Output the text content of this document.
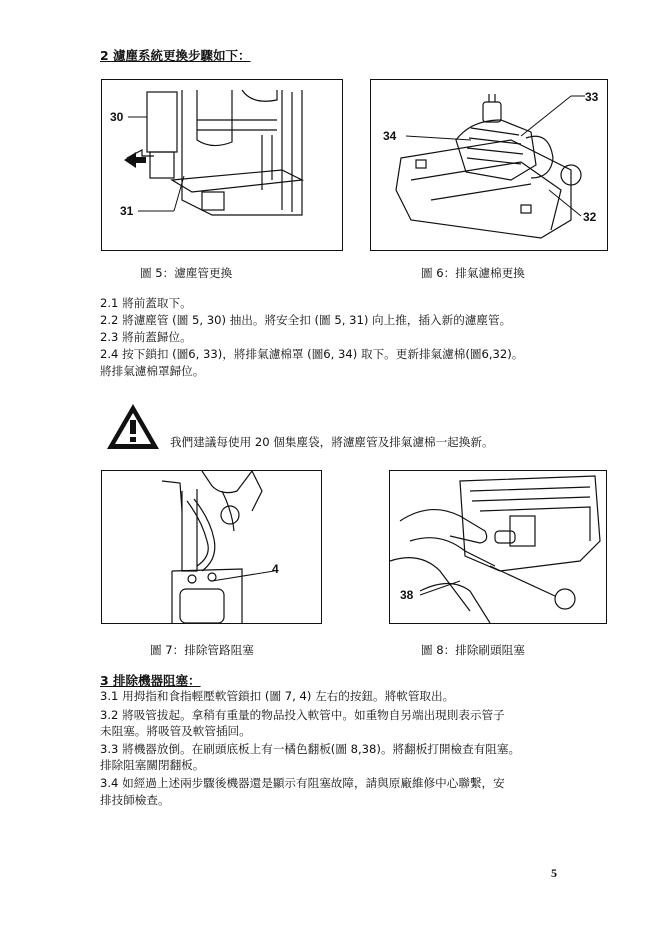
2 濾塵系統更換步驟如下：
30
31
33
34
32
圖 5：濾塵管更換	圖 6：排氣濾棉更換
2.1 將前蓋取下。
2.2 將濾塵管 (圖 5, 30) 抽出。將安全扣 (圖 5, 31) 向上推，插入新的濾塵管。
2.3 將前蓋歸位。
2.4 按下鎖扣 (圖6, 33)，將排氣濾棉罩 (圖6, 34) 取下。更新排氣濾棉(圖6,32)。
將排氣濾棉罩歸位。
我們建議每使用 20 個集塵袋，將濾塵管及排氣濾棉一起換新。
4
38
圖 7：排除管路阻塞	圖 8：排除刷頭阻塞
3 排除機器阻塞：
3.1 用拇指和食指輕壓軟管鎖扣 (圖 7, 4) 左右的按鈕。將軟管取出。
3.2 將吸管拔起。拿稍有重量的物品投入軟管中。如重物自另端出現則表示管子
未阻塞。將吸管及軟管插回。
3.3 將機器放倒。在刷頭底板上有一橘色翻板(圖 8,38)。將翻板打開檢查有阻塞。
排除阻塞關閉翻板。
3.4 如經過上述兩步驟後機器還是顯示有阻塞故障，請與原廠維修中心聯繫，安
排技師檢查。
5
